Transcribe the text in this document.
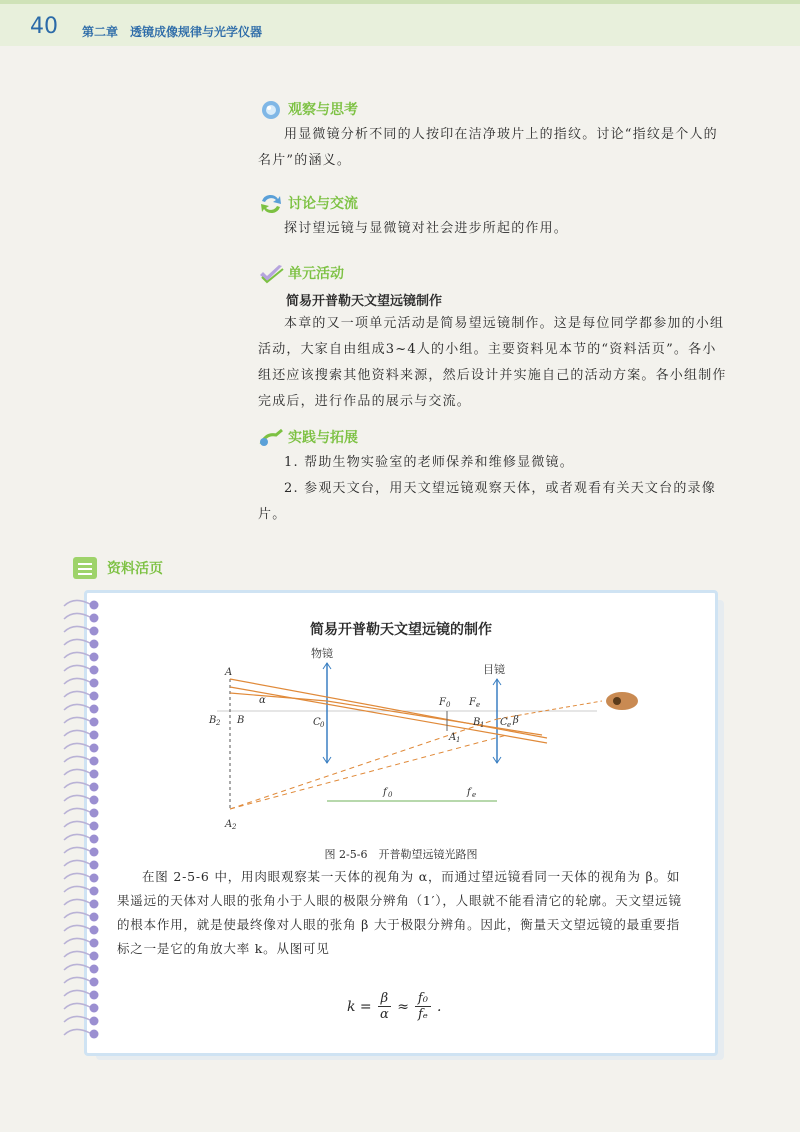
40 第二章　透镜成像规律与光学仪器
观察与思考

用显微镜分析不同的人按印在洁净玻片上的指纹。讨论“指纹是个人的名片”的涵义。

讨论与交流

探讨望远镜与显微镜对社会进步所起的作用。

单元活动
简易开普勒天文望远镜制作

本章的又一项单元活动是简易望远镜制作。这是每位同学都参加的小组活动，大家自由组成3~4人的小组。主要资料见本节的“资料活页”。各小组还应该搜索其他资料来源，然后设计并实施自己的活动方案。各小组制作完成后，进行作品的展示与交流。

实践与拓展

1. 帮助生物实验室的老师保养和维修显微镜。

2. 参观天文台，用天文望远镜观察天体，或者观看有关天文台的录像片。

资料活页
简易开普勒天文望远镜的制作
物镜
目镜
A
B 2 B
α
C 0
F 0 F e
B 1
A 1
C e β
A 2
f 0	f e
图 2-5-6　开普勒望远镜光路图

在图 2-5-6 中，用肉眼观察某一天体的视角为 α，而通过望远镜看同一天体的视角为 β。如果遥远的天体对人眼的张角小于人眼的极限分辨角（1′），人眼就不能看清它的轮廓。天文望远镜的根本作用，就是使最终像对人眼的张角 β 大于极限分辨角。因此，衡量天文望远镜的最重要指标之一是它的角放大率 k。从图可见

$k = \frac{\beta}{\alpha} \approx \frac{\text{f₀}}{\text{fₑ}}$ .
